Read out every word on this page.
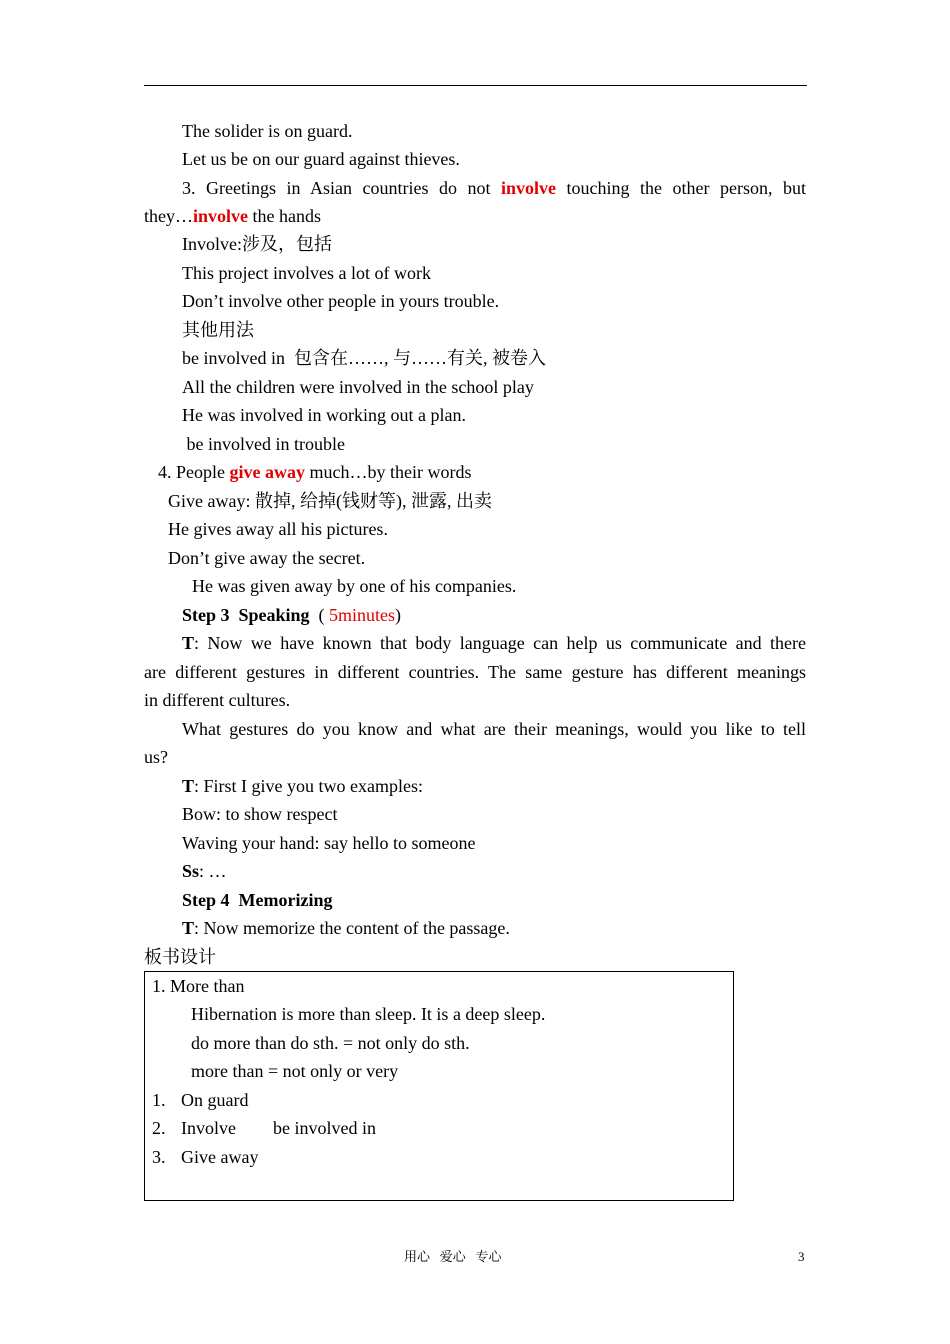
The solider is on guard.
Let us be on our guard against thieves.
3. Greetings in Asian countries do not involve touching the other person, but
they…involve the hands
Involve:涉及，包括
This project involves a lot of work
Don’t involve other people in yours trouble.
其他用法
be involved in  包含在……, 与……有关, 被卷入
All the children were involved in the school play
He was involved in working out a plan.
be involved in trouble
4. People give away much…by their words
Give away: 散掉, 给掉(钱财等), 泄露, 出卖
He gives away all his pictures.
Don’t give away the secret.
He was given away by one of his companies.
Step 3  Speaking  ( 5minutes)
T: Now we have known that body language can help us communicate and there
are different gestures in different countries. The same gesture has different meanings
in different cultures.
What gestures do you know and what are their meanings, would you like to tell
us?
T: First I give you two examples:
Bow: to show respect
Waving your hand: say hello to someone
Ss: …
Step 4  Memorizing
T: Now memorize the content of the passage.
板书设计
1. More than
Hibernation is more than sleep. It is a deep sleep.
do more than do sth. = not only do sth.
more than = not only or very
1. On guard
2. Involve be involved in
3. Give away
用心   爱心   专心	3
